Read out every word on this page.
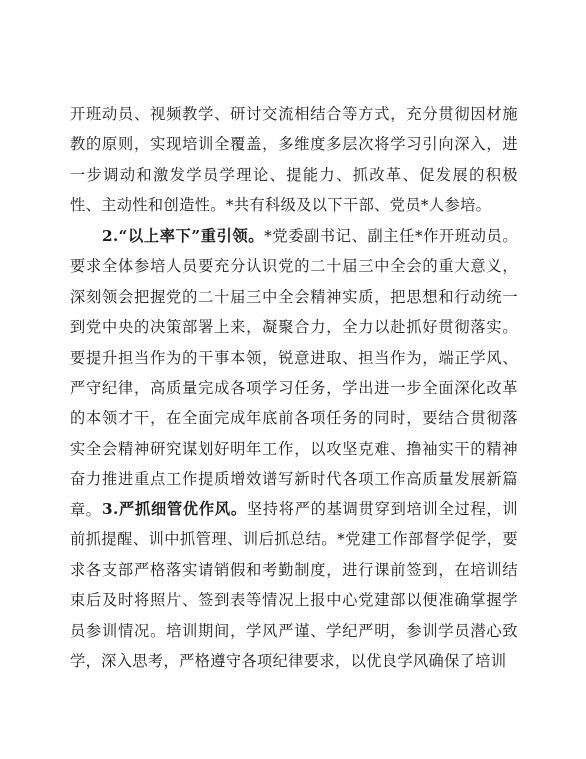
开班动员、视频教学、研讨交流相结合等方式，充分贯彻因材施教的原则，实现培训全覆盖，多维度多层次将学习引向深入，进一步调动和激发学员学理论、提能力、抓改革、促发展的积极性、主动性和创造性。*共有科级及以下干部、党员*人参培。

2.“以上率下”重引领。*党委副书记、副主任*作开班动员。要求全体参培人员要充分认识党的二十届三中全会的重大意义，深刻领会把握党的二十届三中全会精神实质，把思想和行动统一到党中央的决策部署上来，凝聚合力，全力以赴抓好贯彻落实。要提升担当作为的干事本领，锐意进取、担当作为，端正学风、严守纪律，高质量完成各项学习任务，学出进一步全面深化改革的本领才干，在全面完成年底前各项任务的同时，要结合贯彻落实全会精神研究谋划好明年工作，以攻坚克难、撸袖实干的精神奋力推进重点工作提质增效谱写新时代各项工作高质量发展新篇章。 3.严抓细管优作风。坚持将严的基调贯穿到培训全过程，训前抓提醒、训中抓管理、训后抓总结。*党建工作部督学促学，要求各支部严格落实请销假和考勤制度，进行课前签到，在培训结束后及时将照片、签到表等情况上报中心党建部以便准确掌握学员参训情况。培训期间，学风严谨、学纪严明，参训学员潜心致学，深入思考，严格遵守各项纪律要求，以优良学风确保了培训
